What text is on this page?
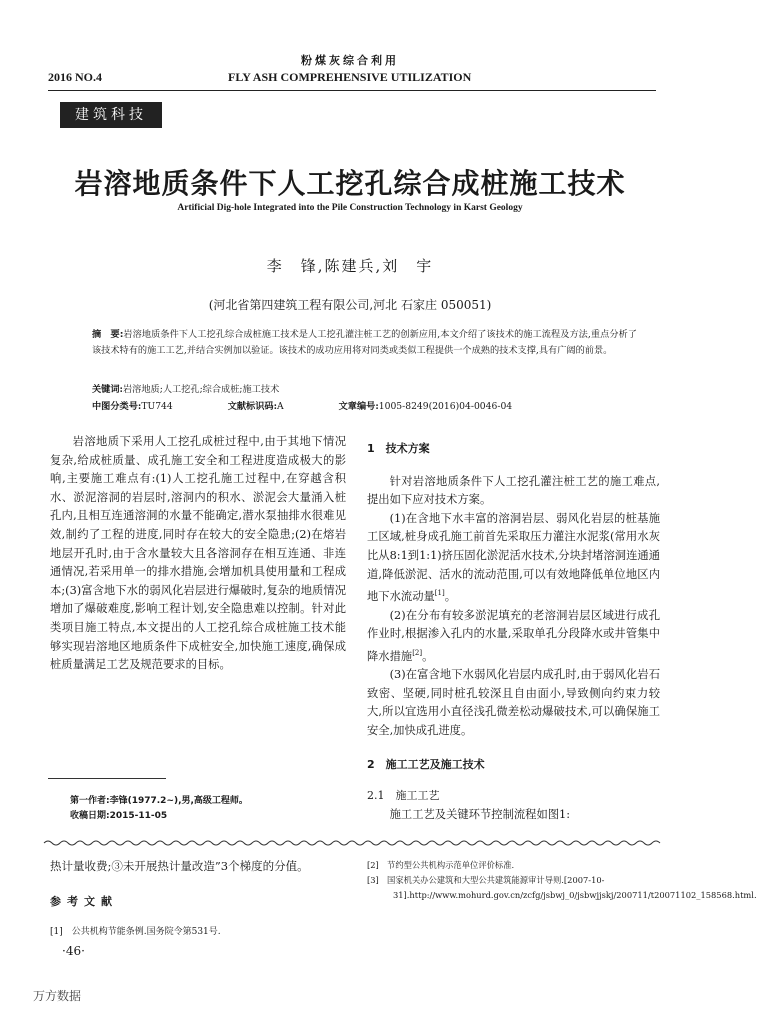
粉煤灰综合利用
2016 NO.4	FLY ASH COMPREHENSIVE UTILIZATION
建筑科技
岩溶地质条件下人工挖孔综合成桩施工技术
Artificial Dig-hole Integrated into the Pile Construction Technology in Karst Geology
李　锋,陈建兵,刘　宇
(河北省第四建筑工程有限公司,河北 石家庄 050051)
摘　要:岩溶地质条件下人工挖孔综合成桩施工技术是人工挖孔灌注桩工艺的创新应用,本文介绍了该技术的施工流程及方法,重点分析了该技术特有的施工工艺,并结合实例加以验证。该技术的成功应用将对同类或类似工程提供一个成熟的技术支撑,具有广阔的前景。
关键词:岩溶地质;人工挖孔;综合成桩;施工技术
中图分类号:TU744	文献标识码:A	文章编号:1005-8249(2016)04-0046-04

岩溶地质下采用人工挖孔成桩过程中,由于其地下情况复杂,给成桩质量、成孔施工安全和工程进度造成极大的影响,主要施工难点有:(1)人工挖孔施工过程中,在穿越含积水、淤泥溶洞的岩层时,溶洞内的积水、淤泥会大量涌入桩孔内,且相互连通溶洞的水量不能确定,潜水泵抽排水很难见效,制约了工程的进度,同时存在较大的安全隐患;(2)在熔岩地层开孔时,由于含水量较大且各溶洞存在相互连通、非连通情况,若采用单一的排水措施,会增加机具使用量和工程成本;(3)富含地下水的弱风化岩层进行爆破时,复杂的地质情况增加了爆破难度,影响工程计划,安全隐患难以控制。针对此类项目施工特点,本文提出的人工挖孔综合成桩施工技术能够实现岩溶地区地质条件下成桩安全,加快施工速度,确保成桩质量满足工艺及规范要求的目标。

1　技术方案

针对岩溶地质条件下人工挖孔灌注桩工艺的施工难点,提出如下应对技术方案。

(1)在含地下水丰富的溶洞岩层、弱风化岩层的桩基施工区域,桩身成孔施工前首先采取压力灌注水泥浆(常用水灰比从8:1到1:1)挤压固化淤泥活水技术,分块封堵溶洞连通通道,降低淤泥、活水的流动范围,可以有效地降低单位地区内地下水流动量[1]。

(2)在分布有较多淤泥填充的老溶洞岩层区域进行成孔作业时,根据渗入孔内的水量,采取单孔分段降水或井管集中降水措施[2]。

(3)在富含地下水弱风化岩层内成孔时,由于弱风化岩石致密、坚硬,同时桩孔较深且自由面小,导致侧向约束力较大,所以宜选用小直径浅孔微差松动爆破技术,可以确保施工安全,加快成孔进度。

2　施工工艺及施工技术

2.1　施工工艺

施工工艺及关键环节控制流程如图1:

第一作者:李锋(1977.2~),男,高级工程师。
收稿日期:2015-11-05
热计量收费;③未开展热计量改造”3个梯度的分值。
参考文献
[1]　公共机构节能条例.国务院令第531号.
[2]　节约型公共机构示范单位评价标准.
[3]　国家机关办公建筑和大型公共建筑能源审计导则.[2007-10-31].http://www.mohurd.gov.cn/zcfg/jsbwj_0/jsbwjjskj/200711/t20071102_158568.html.
·46·
万方数据
